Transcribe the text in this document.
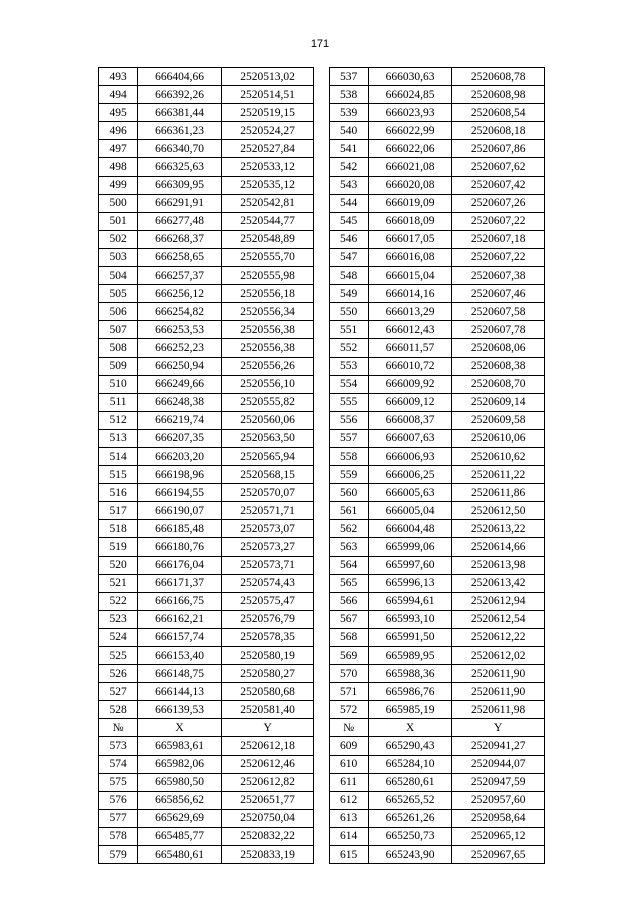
171
493	666404,66	2520513,02		537	666030,63	2520608,78
494	666392,26	2520514,51		538	666024,85	2520608,98
495	666381,44	2520519,15		539	666023,93	2520608,54
496	666361,23	2520524,27		540	666022,99	2520608,18
497	666340,70	2520527,84		541	666022,06	2520607,86
498	666325,63	2520533,12		542	666021,08	2520607,62
499	666309,95	2520535,12		543	666020,08	2520607,42
500	666291,91	2520542,81		544	666019,09	2520607,26
501	666277,48	2520544,77		545	666018,09	2520607,22
502	666268,37	2520548,89		546	666017,05	2520607,18
503	666258,65	2520555,70		547	666016,08	2520607,22
504	666257,37	2520555,98		548	666015,04	2520607,38
505	666256,12	2520556,18		549	666014,16	2520607,46
506	666254,82	2520556,34		550	666013,29	2520607,58
507	666253,53	2520556,38		551	666012,43	2520607,78
508	666252,23	2520556,38		552	666011,57	2520608,06
509	666250,94	2520556,26		553	666010,72	2520608,38
510	666249,66	2520556,10		554	666009,92	2520608,70
511	666248,38	2520555,82		555	666009,12	2520609,14
512	666219,74	2520560,06		556	666008,37	2520609,58
513	666207,35	2520563,50		557	666007,63	2520610,06
514	666203,20	2520565,94		558	666006,93	2520610,62
515	666198,96	2520568,15		559	666006,25	2520611,22
516	666194,55	2520570,07		560	666005,63	2520611,86
517	666190,07	2520571,71		561	666005,04	2520612,50
518	666185,48	2520573,07		562	666004,48	2520613,22
519	666180,76	2520573,27		563	665999,06	2520614,66
520	666176,04	2520573,71		564	665997,60	2520613,98
521	666171,37	2520574,43		565	665996,13	2520613,42
522	666166,75	2520575,47		566	665994,61	2520612,94
523	666162,21	2520576,79		567	665993,10	2520612,54
524	666157,74	2520578,35		568	665991,50	2520612,22
525	666153,40	2520580,19		569	665989,95	2520612,02
526	666148,75	2520580,27		570	665988,36	2520611,90
527	666144,13	2520580,68		571	665986,76	2520611,90
528	666139,53	2520581,40		572	665985,19	2520611,98
№	X	Y		№	X	Y
573	665983,61	2520612,18		609	665290,43	2520941,27
574	665982,06	2520612,46		610	665284,10	2520944,07
575	665980,50	2520612,82		611	665280,61	2520947,59
576	665856,62	2520651,77		612	665265,52	2520957,60
577	665629,69	2520750,04		613	665261,26	2520958,64
578	665485,77	2520832,22		614	665250,73	2520965,12
579	665480,61	2520833,19		615	665243,90	2520967,65
